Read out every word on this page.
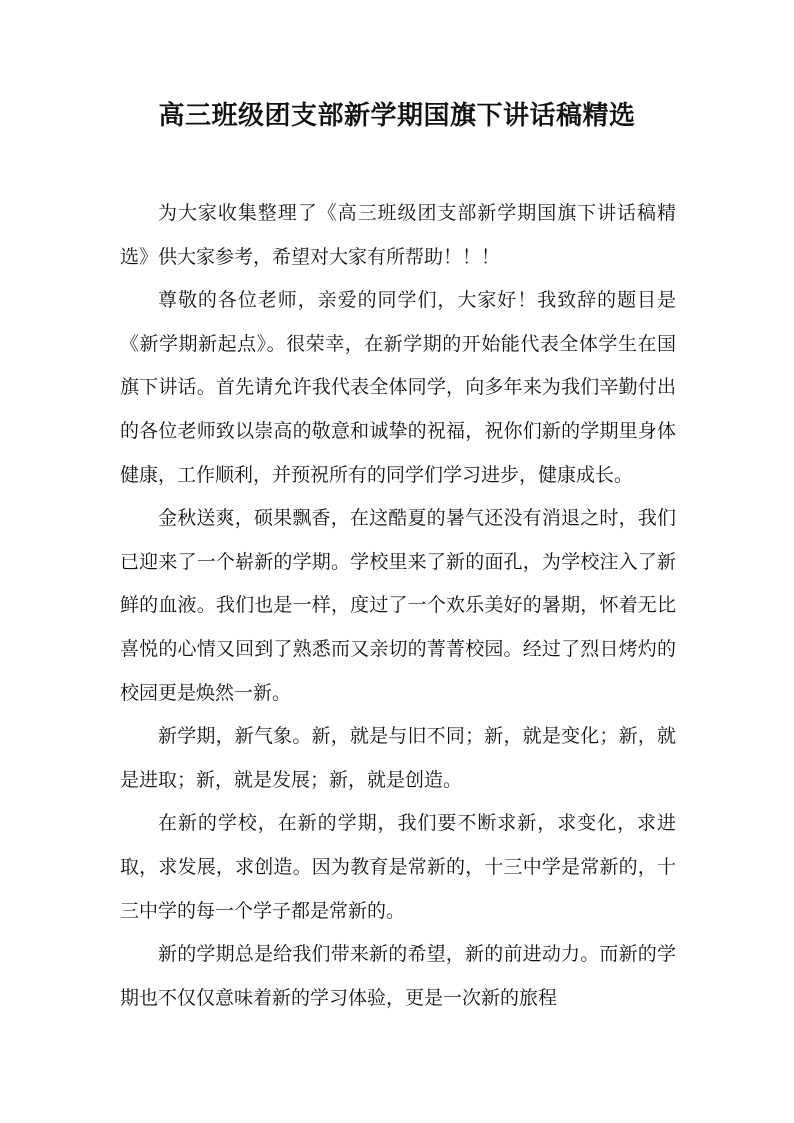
高三班级团支部新学期国旗下讲话稿精选

为大家收集整理了《高三班级团支部新学期国旗下讲话稿精选》供大家参考，希望对大家有所帮助！！！

尊敬的各位老师，亲爱的同学们，大家好！我致辞的题目是《新学期新起点》。很荣幸，在新学期的开始能代表全体学生在国旗下讲话。首先请允许我代表全体同学，向多年来为我们辛勤付出的各位老师致以崇高的敬意和诚挚的祝福，祝你们新的学期里身体健康，工作顺利，并预祝所有的同学们学习进步，健康成长。

金秋送爽，硕果飘香，在这酷夏的暑气还没有消退之时，我们已迎来了一个崭新的学期。学校里来了新的面孔，为学校注入了新鲜的血液。我们也是一样，度过了一个欢乐美好的暑期，怀着无比喜悦的心情又回到了熟悉而又亲切的菁菁校园。经过了烈日烤灼的校园更是焕然一新。

新学期，新气象。新，就是与旧不同；新，就是变化；新，就是进取；新，就是发展；新，就是创造。

在新的学校，在新的学期，我们要不断求新，求变化，求进取，求发展，求创造。因为教育是常新的，十三中学是常新的，十三中学的每一个学子都是常新的。

新的学期总是给我们带来新的希望，新的前进动力。而新的学期也不仅仅意味着新的学习体验，更是一次新的旅程
